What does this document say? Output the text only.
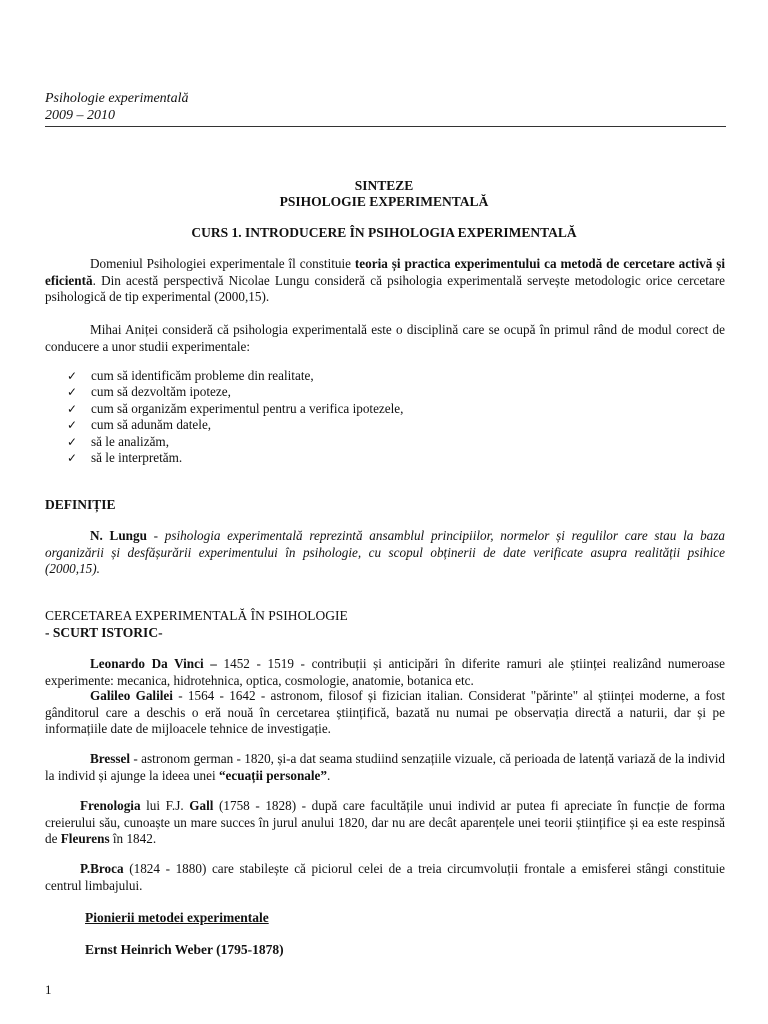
Psihologie experimentală
2009 – 2010
SINTEZE
PSIHOLOGIE EXPERIMENTALĂ
CURS 1. INTRODUCERE ÎN PSIHOLOGIA EXPERIMENTALĂ

Domeniul Psihologiei experimentale îl constituie teoria și practica experimentului ca metodă de cercetare activă și eficientă. Din acestă perspectivă Nicolae Lungu consideră că psihologia experimentală servește metodologic orice cercetare psihologică de tip experimental (2000,15).

Mihai Aniței consideră că psihologia experimentală este o disciplină care se ocupă în primul rând de modul corect de conducere a unor studii experimentale:

✓ cum să identificăm probleme din realitate,
✓ cum să dezvoltăm ipoteze,
✓ cum să organizăm experimentul pentru a verifica ipotezele,
✓ cum să adunăm datele,
✓ să le analizăm,
✓ să le interpretăm.
DEFINIȚIE

N. Lungu - psihologia experimentală reprezintă ansamblul principiilor, normelor și regulilor care stau la baza organizării și desfășurării experimentului în psihologie, cu scopul obținerii de date verificate asupra realității psihice (2000,15).

CERCETAREA EXPERIMENTALĂ ÎN PSIHOLOGIE
- SCURT ISTORIC-

Leonardo Da Vinci – 1452 - 1519 - contribuții și anticipări în diferite ramuri ale științei realizând numeroase experimente: mecanica, hidrotehnica, optica, cosmologie, anatomie, botanica etc.

Galileo Galilei - 1564 - 1642 - astronom, filosof și fizician italian. Considerat "părinte" al științei moderne, a fost gânditorul care a deschis o eră nouă în cercetarea științifică, bazată nu numai pe observația directă a naturii, dar și pe informațiile date de mijloacele tehnice de investigație.

Bressel - astronom german - 1820, și-a dat seama studiind senzațiile vizuale, că perioada de latență variază de la individ la individ și ajunge la ideea unei “ecuații personale”.

Frenologia lui F.J. Gall (1758 - 1828) - după care facultățile unui individ ar putea fi apreciate în funcție de forma creierului său, cunoaște un mare succes în jurul anului 1820, dar nu are decât aparențele unei teorii științifice și ea este respinsă de Fleurens în 1842.

P.Broca (1824 - 1880) care stabilește că piciorul celei de a treia circumvoluții frontale a emisferei stângi constituie centrul limbajului.

Pionierii metodei experimentale
Ernst Heinrich Weber (1795-1878)
1
